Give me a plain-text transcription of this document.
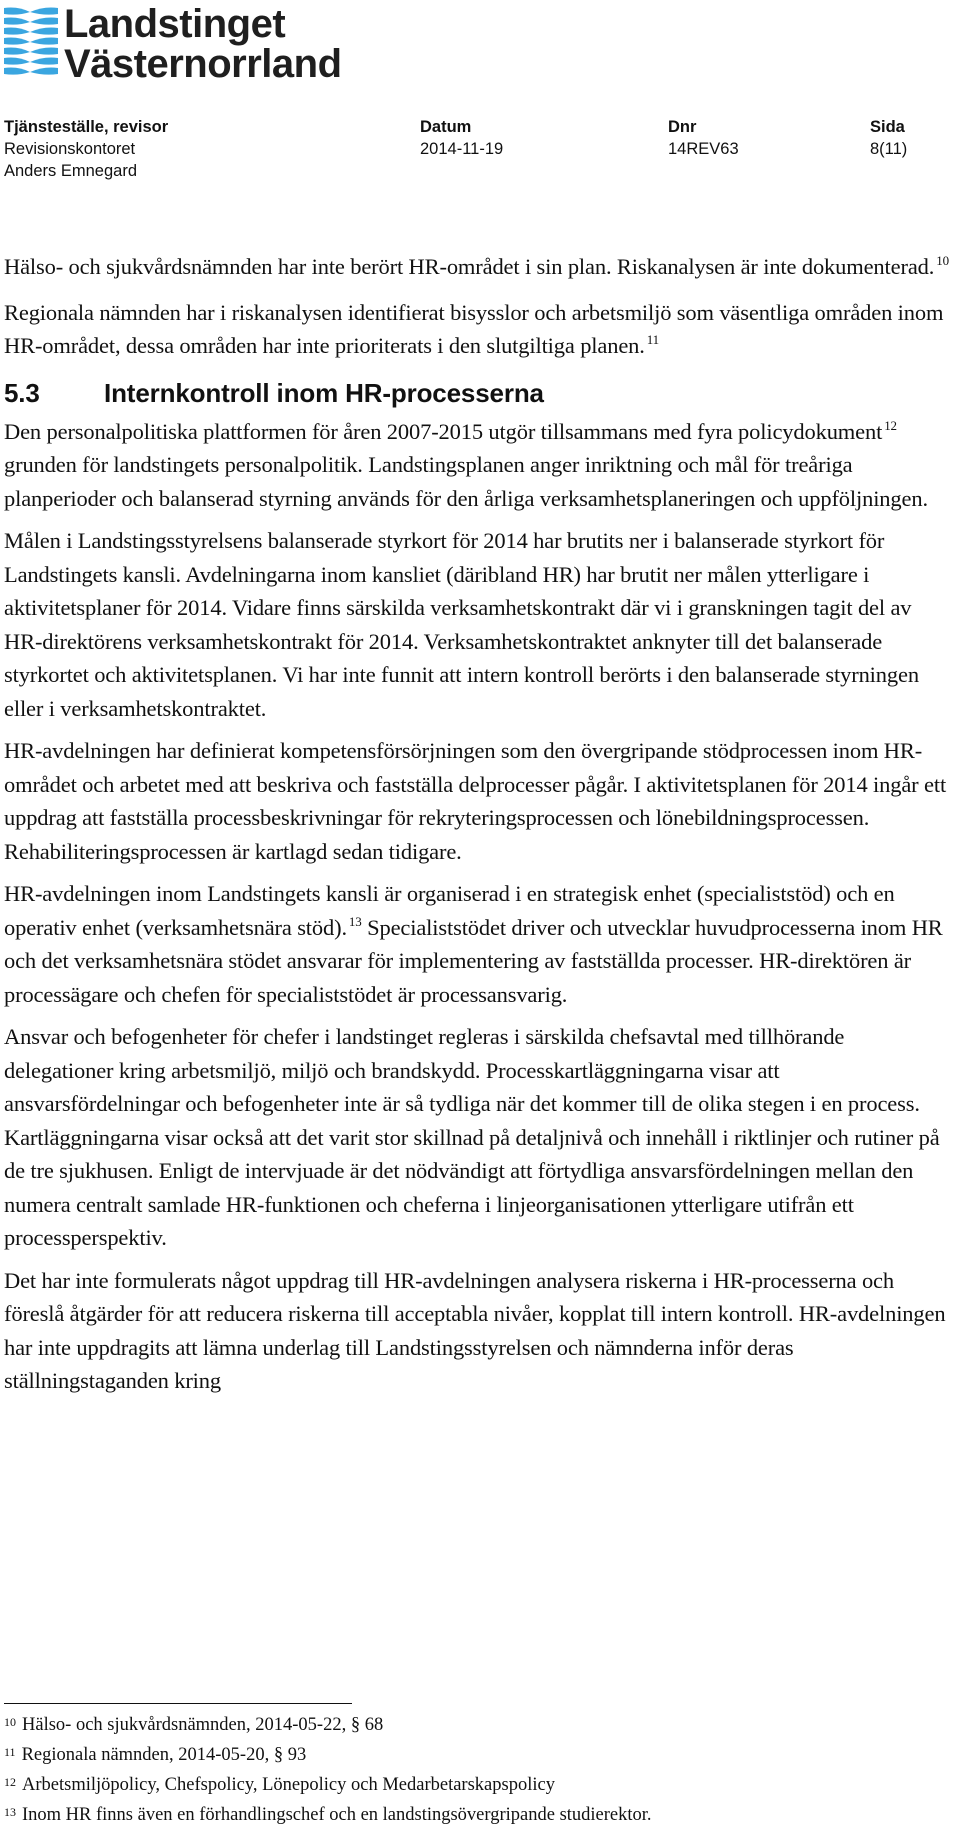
Landstinget
Västernorrland
Tjänsteställe, revisor
Revisionskontoret
Anders Emnegard
Datum
2014-11-19
Dnr
14REV63
Sida
8(11)

Hälso- och sjukvårdsnämnden har inte berört HR-området i sin plan. Riskanalysen är inte dokumenterad. $^{10}$

Regionala nämnden har i riskanalysen identifierat bisysslor och arbetsmiljö som väsentliga områden inom HR-området, dessa områden har inte prioriterats i den slutgiltiga planen. $^{11}$

5.3 Internkontroll inom HR-processerna

Den personalpolitiska plattformen för åren 2007-2015 utgör tillsammans med fyra policydokument $^{12}$ grunden för landstingets personalpolitik. Landstingsplanen anger inriktning och mål för treåriga planperioder och balanserad styrning används för den årliga verksamhetsplaneringen och uppföljningen.

Målen i Landstingsstyrelsens balanserade styrkort för 2014 har brutits ner i balanserade styrkort för Landstingets kansli. Avdelningarna inom kansliet (däribland HR) har brutit ner målen ytterligare i aktivitetsplaner för 2014. Vidare finns särskilda verksamhetskontrakt där vi i granskningen tagit del av HR-direktörens verksamhetskontrakt för 2014. Verksamhetskontraktet anknyter till det balanserade styrkortet och aktivitetsplanen. Vi har inte funnit att intern kontroll berörts i den balanserade styrningen eller i verksamhetskontraktet.

HR-avdelningen har definierat kompetensförsörjningen som den övergripande stödprocessen inom HR-området och arbetet med att beskriva och fastställa delprocesser pågår. I aktivitetsplanen för 2014 ingår ett uppdrag att fastställa processbeskrivningar för rekryteringsprocessen och lönebildningsprocessen. Rehabiliteringsprocessen är kartlagd sedan tidigare.

HR-avdelningen inom Landstingets kansli är organiserad i en strategisk enhet (specialiststöd) och en operativ enhet (verksamhetsnära stöd). $^{13}$ Specialiststödet driver och utvecklar huvudprocesserna inom HR och det verksamhetsnära stödet ansvarar för implementering av fastställda processer. HR-direktören är processägare och chefen för specialiststödet är processansvarig.

Ansvar och befogenheter för chefer i landstinget regleras i särskilda chefsavtal med tillhörande delegationer kring arbetsmiljö, miljö och brandskydd. Processkartläggningarna visar att ansvarsfördelningar och befogenheter inte är så tydliga när det kommer till de olika stegen i en process. Kartläggningarna visar också att det varit stor skillnad på detaljnivå och innehåll i riktlinjer och rutiner på de tre sjukhusen. Enligt de intervjuade är det nödvändigt att förtydliga ansvarsfördelningen mellan den numera centralt samlade HR-funktionen och cheferna i linjeorganisationen ytterligare utifrån ett processperspektiv.

Det har inte formulerats något uppdrag till HR-avdelningen analysera riskerna i HR-processerna och föreslå åtgärder för att reducera riskerna till acceptabla nivåer, kopplat till intern kontroll. HR-avdelningen har inte uppdragits att lämna underlag till Landstingsstyrelsen och nämnderna inför deras ställningstaganden kring

$^{10}$ Hälso- och sjukvårdsnämnden, 2014-05-22, § 68
$^{11}$ Regionala nämnden, 2014-05-20, § 93
$^{12}$ Arbetsmiljöpolicy, Chefspolicy, Lönepolicy och Medarbetarskapspolicy
$^{13}$ Inom HR finns även en förhandlingschef och en landstingsövergripande studierektor.
